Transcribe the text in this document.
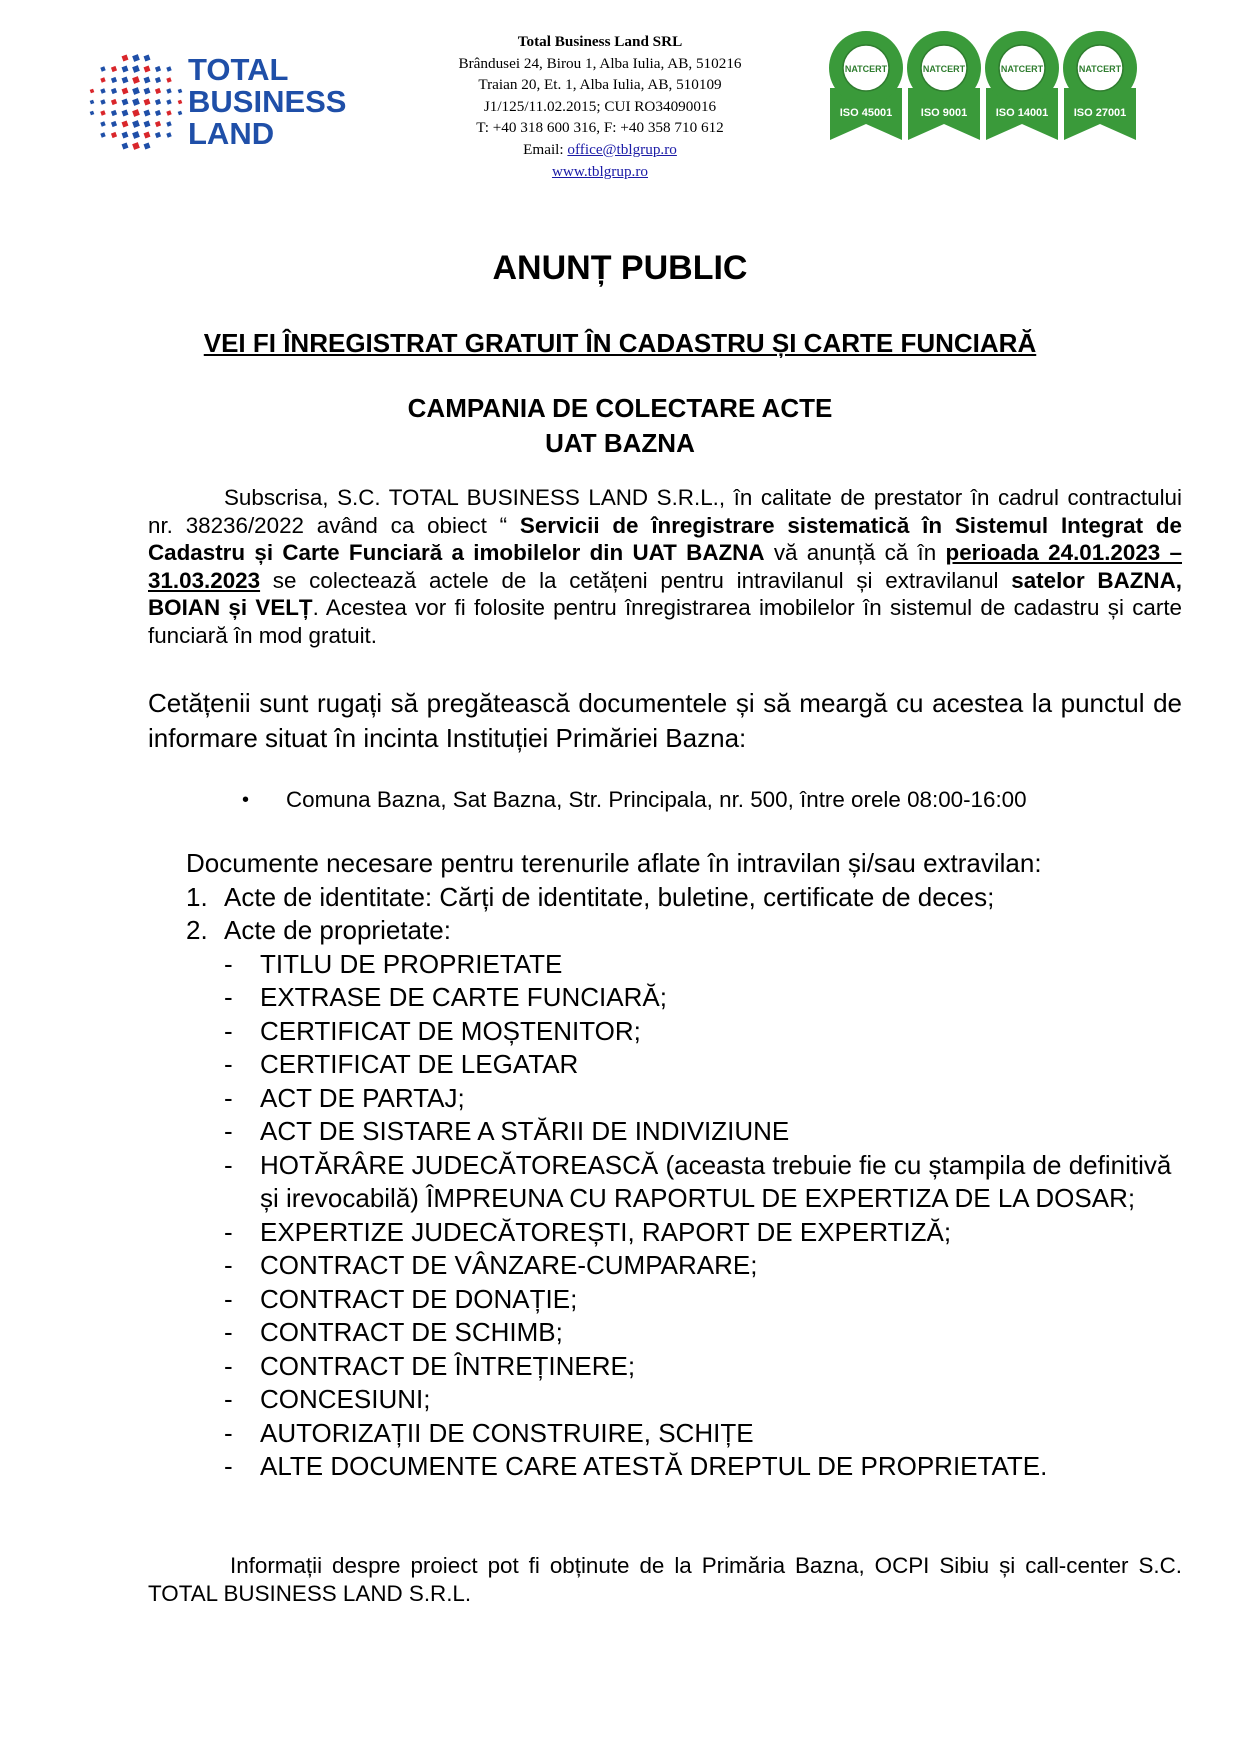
TOTAL
BUSINESS
LAND
Total Business Land SRL
Brândusei 24, Birou 1, Alba Iulia, AB, 510216
Traian 20, Et. 1, Alba Iulia, AB, 510109
J1/125/11.02.2015; CUI RO34090016
T: +40 318 600 316, F: +40 358 710 612
Email: office@tblgrup.ro
www.tblgrup.ro
NATCERT
ISO 45001
NATCERT
ISO 9001
NATCERT
ISO 14001
NATCERT
ISO 27001
ANUNȚ PUBLIC
VEI FI ÎNREGISTRAT GRATUIT ÎN CADASTRU ȘI CARTE FUNCIARĂ
CAMPANIA DE COLECTARE ACTE
UAT BAZNA
Subscrisa, S.C. TOTAL BUSINESS LAND S.R.L., în calitate de prestator în cadrul contractului nr. 38236/2022 având ca obiect “ Servicii de înregistrare sistematică în Sistemul Integrat de Cadastru și Carte Funciară a imobilelor din UAT BAZNA vă anunță că în perioada 24.01.2023 – 31.03.2023 se colectează actele de la cetățeni pentru intravilanul și extravilanul satelor BAZNA, BOIAN și VELȚ. Acestea vor fi folosite pentru înregistrarea imobilelor în sistemul de cadastru și carte funciară în mod gratuit.
Cetățenii sunt rugați să pregătească documentele și să meargă cu acestea la punctul de informare situat în incinta Instituției Primăriei Bazna:
• Comuna Bazna, Sat Bazna, Str. Principala, nr. 500, între orele 08:00-16:00
Documente necesare pentru terenurile aflate în intravilan și/sau extravilan:
1. Acte de identitate: Cărți de identitate, buletine, certificate de deces;
2. Acte de proprietate:
- TITLU DE PROPRIETATE
- EXTRASE DE CARTE FUNCIARĂ;
- CERTIFICAT DE MOȘTENITOR;
- CERTIFICAT DE LEGATAR
- ACT DE PARTAJ;
- ACT DE SISTARE A STĂRII DE INDIVIZIUNE
- HOTĂRÂRE JUDECĂTOREASCĂ (aceasta trebuie fie cu ștampila de definitivă și irevocabilă) ÎMPREUNA CU RAPORTUL DE EXPERTIZA DE LA DOSAR;
- EXPERTIZE JUDECĂTOREȘTI, RAPORT DE EXPERTIZĂ;
- CONTRACT DE VÂNZARE-CUMPARARE;
- CONTRACT DE DONAȚIE;
- CONTRACT DE SCHIMB;
- CONTRACT DE ÎNTREȚINERE;
- CONCESIUNI;
- AUTORIZAȚII DE CONSTRUIRE, SCHIȚE
- ALTE DOCUMENTE CARE ATESTĂ DREPTUL DE PROPRIETATE.
Informații despre proiect pot fi obținute de la Primăria Bazna, OCPI Sibiu și call-center S.C. TOTAL BUSINESS LAND S.R.L.
